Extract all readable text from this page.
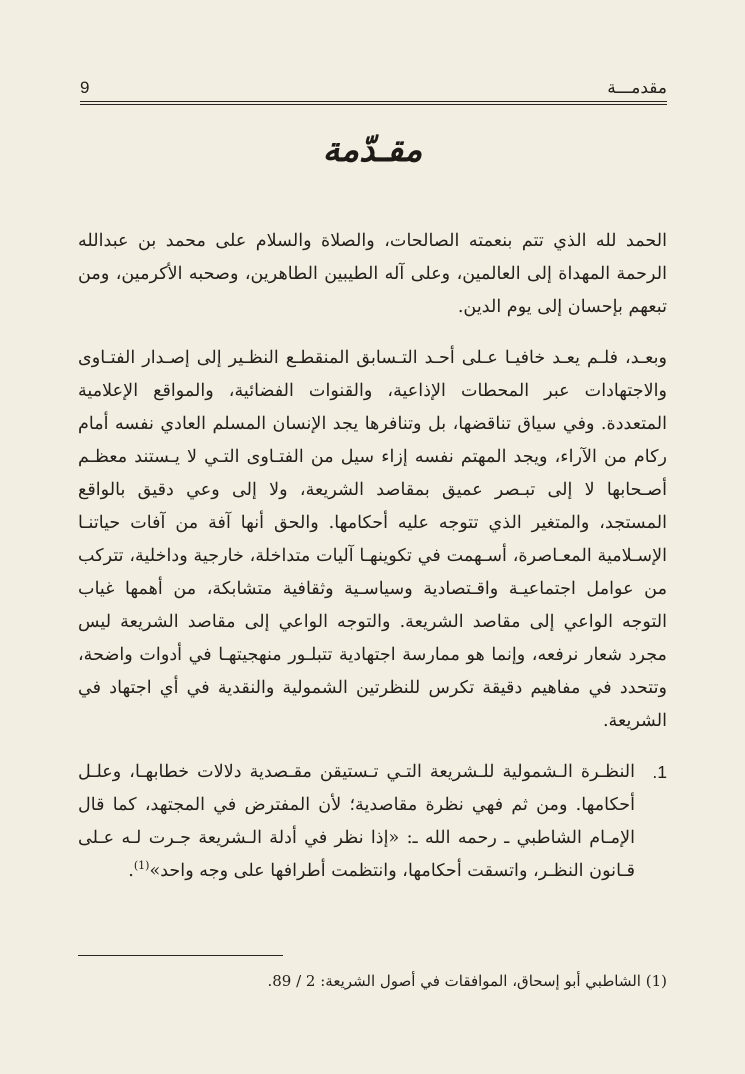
مقدمـــة
9
مقـدّمة

الحمد لله الذي تتم بنعمته الصالحات، والصلاة والسلام على محمد بن عبدالله الرحمة المهداة إلى العالمين، وعلى آله الطيبين الطاهرين، وصحبه الأكرمين، ومن تبعهم بإحسان إلى يوم الدين.

وبعـد، فلـم يعـد خافيـا عـلى أحـد التـسابق المنقطـع النظـير إلى إصـدار الفتـاوى والاجتهادات عبر المحطات الإذاعية، والقنوات الفضائية، والمواقع الإعلامية المتعددة. وفي سياق تناقضها، بل وتنافرها يجد الإنسان المسلم العادي نفسه أمام ركام من الآراء، ويجد المهتم نفسه إزاء سيل من الفتـاوى التـي لا يـستند معظـم أصـحابها لا إلى تبـصر عميق بمقاصد الشريعة، ولا إلى وعي دقيق بالواقع المستجد، والمتغير الذي تتوجه عليه أحكامها. والحق أنها آفة من آفات حياتنـا الإسـلامية المعـاصرة، أسـهمت في تكوينهـا آليات متداخلة، خارجية وداخلية، تتركب من عوامل اجتماعيـة واقـتصادية وسياسـية وثقافية متشابكة، من أهمها غياب التوجه الواعي إلى مقاصد الشريعة. والتوجه الواعي إلى مقاصد الشريعة ليس مجرد شعار نرفعه، وإنما هو ممارسة اجتهادية تتبلـور منهجيتهـا في أدوات واضحة، وتتحدد في مفاهيم دقيقة تكرس للنظرتين الشمولية والنقدية في أي اجتهاد في الشريعة.

1.
النظـرة الـشمولية للـشريعة التـي تـستيقن مقـصدية دلالات خطابهـا، وعلـل أحكامها. ومن ثم فهي نظرة مقاصدية؛ لأن المفترض في المجتهد، كما قال الإمـام الشاطبي ـ رحمه الله ـ: «إذا نظر في أدلة الـشريعة جـرت لـه عـلى قـانون النظـر، واتسقت أحكامها، وانتظمت أطرافها على وجه واحد»$^{(1)}$.

(1) الشاطبي أبو إسحاق، الموافقات في أصول الشريعة: 2 / 89.
